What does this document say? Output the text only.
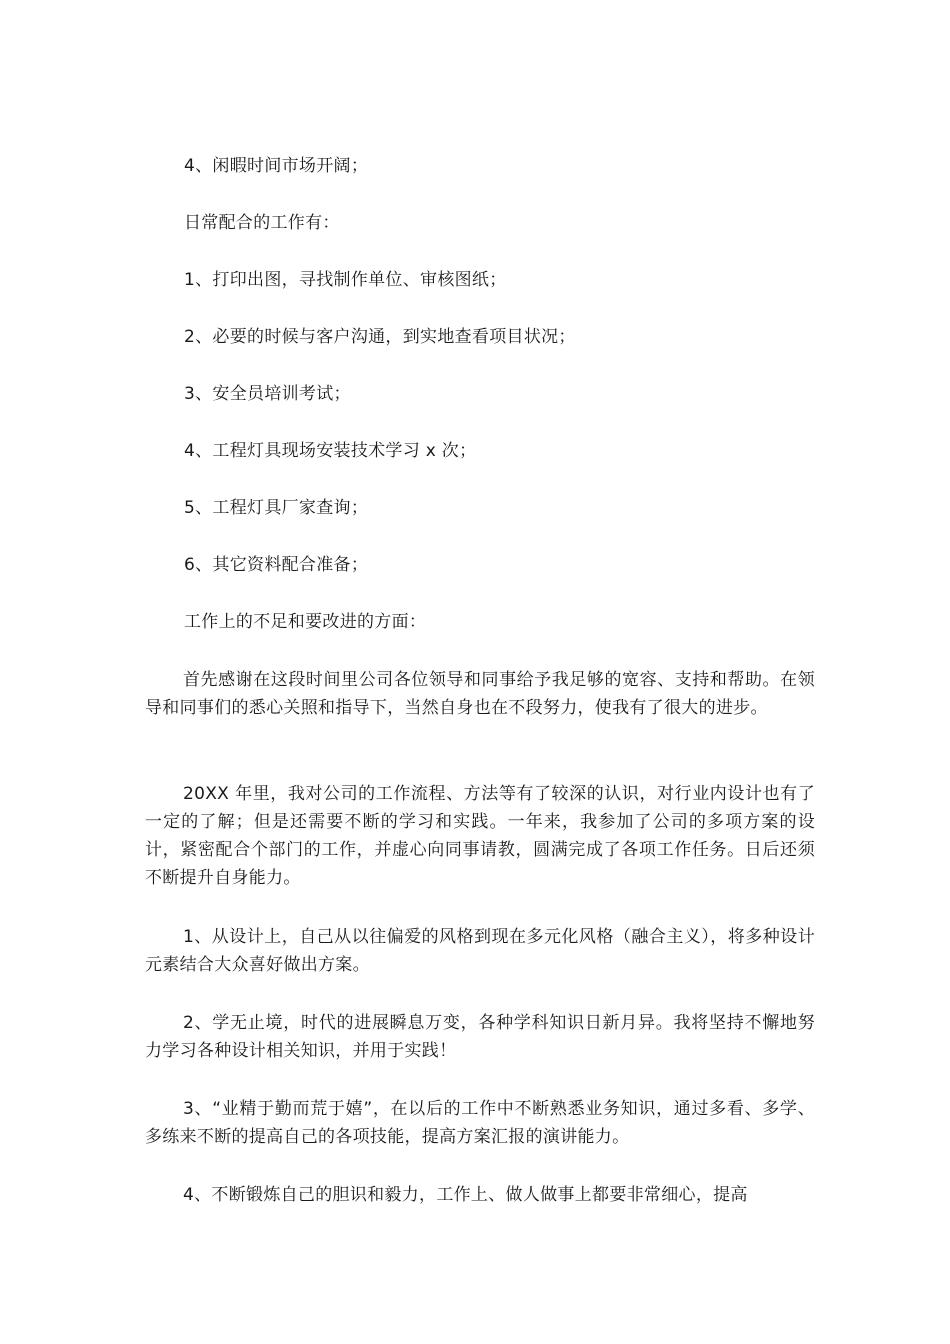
4、闲暇时间市场开阔；
日常配合的工作有：
1、打印出图，寻找制作单位、审核图纸；
2、必要的时候与客户沟通，到实地查看项目状况；
3、安全员培训考试；
4、工程灯具现场安装技术学习 x 次；
5、工程灯具厂家查询；
6、其它资料配合准备；
工作上的不足和要改进的方面：
首先感谢在这段时间里公司各位领导和同事给予我足够的宽容、支持和帮助。在领导和同事们的悉心关照和指导下，当然自身也在不段努力，使我有了很大的进步。
20XX 年里，我对公司的工作流程、方法等有了较深的认识，对行业内设计也有了一定的了解；但是还需要不断的学习和实践。一年来，我参加了公司的多项方案的设计，紧密配合个部门的工作，并虚心向同事请教，圆满完成了各项工作任务。日后还须不断提升自身能力。
1、从设计上，自己从以往偏爱的风格到现在多元化风格（融合主义），将多种设计元素结合大众喜好做出方案。
2、学无止境，时代的进展瞬息万变，各种学科知识日新月异。我将坚持不懈地努力学习各种设计相关知识，并用于实践！
3、“业精于勤而荒于嬉”，在以后的工作中不断熟悉业务知识，通过多看、多学、多练来不断的提高自己的各项技能，提高方案汇报的演讲能力。
4、不断锻炼自己的胆识和毅力，工作上、做人做事上都要非常细心，提高
